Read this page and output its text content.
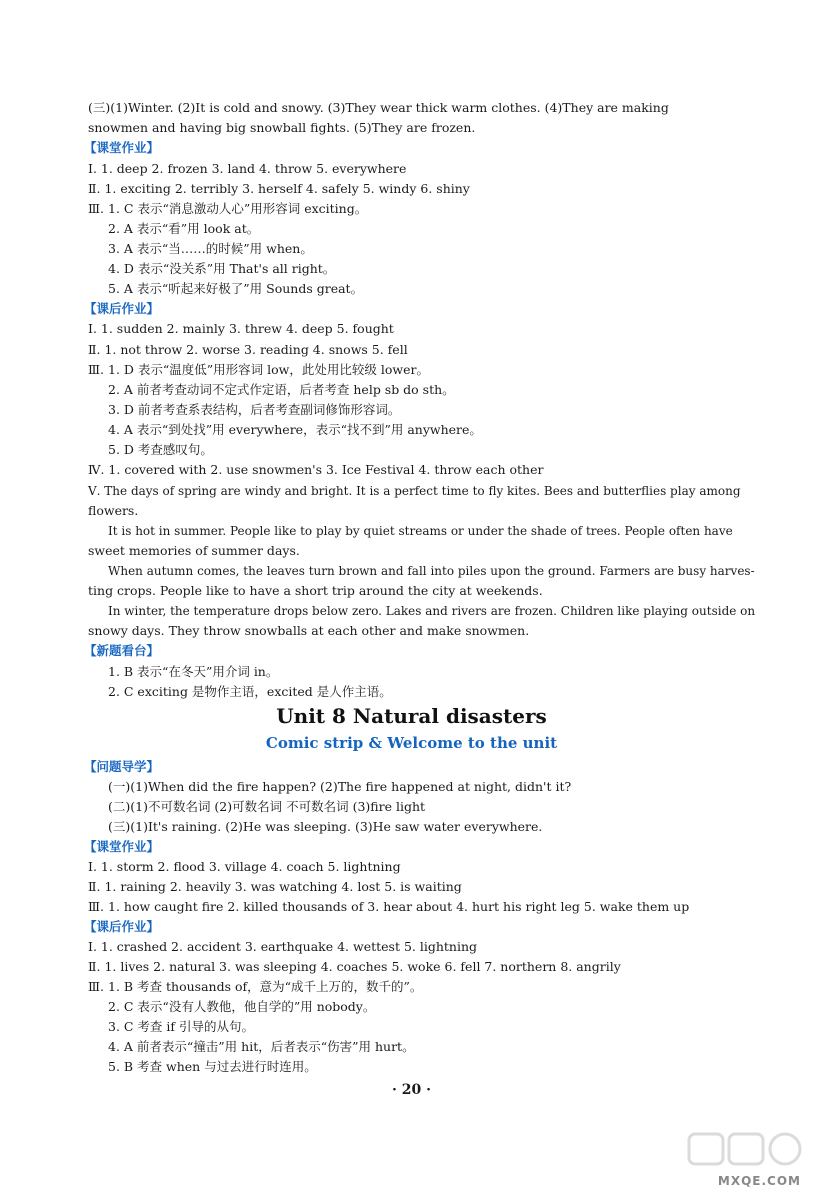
(三)(1)Winter. (2)It is cold and snowy. (3)They wear thick warm clothes. (4)They are making
snowmen and having big snowball fights. (5)They are frozen.
【课堂作业】
Ⅰ. 1. deep 2. frozen 3. land 4. throw 5. everywhere
Ⅱ. 1. exciting 2. terribly 3. herself 4. safely 5. windy 6. shiny
Ⅲ. 1. C 表示“消息激动人心”用形容词 exciting。
2. A 表示“看”用 look at。
3. A 表示“当……的时候”用 when。
4. D 表示“没关系”用 That's all right。
5. A 表示“听起来好极了”用 Sounds great。
【课后作业】
Ⅰ. 1. sudden 2. mainly 3. threw 4. deep 5. fought
Ⅱ. 1. not throw 2. worse 3. reading 4. snows 5. fell
Ⅲ. 1. D 表示“温度低”用形容词 low，此处用比较级 lower。
2. A 前者考查动词不定式作定语，后者考查 help sb do sth。
3. D 前者考查系表结构，后者考查副词修饰形容词。
4. A 表示“到处找”用 everywhere，表示“找不到”用 anywhere。
5. D 考查感叹句。
Ⅳ. 1. covered with 2. use snowmen's 3. Ice Festival 4. throw each other
Ⅴ. The days of spring are windy and bright. It is a perfect time to fly kites. Bees and butterflies play among
flowers.
It is hot in summer. People like to play by quiet streams or under the shade of trees. People often have
sweet memories of summer days.
When autumn comes, the leaves turn brown and fall into piles upon the ground. Farmers are busy harves-
ting crops. People like to have a short trip around the city at weekends.
In winter, the temperature drops below zero. Lakes and rivers are frozen. Children like playing outside on
snowy days. They throw snowballs at each other and make snowmen.
【新题看台】
1. B 表示“在冬天”用介词 in。
2. C exciting 是物作主语，excited 是人作主语。
Unit 8 Natural disasters
Comic strip & Welcome to the unit
【问题导学】
(一)(1)When did the fire happen? (2)The fire happened at night, didn't it?
(二)(1)不可数名词 (2)可数名词 不可数名词 (3)fire light
(三)(1)It's raining. (2)He was sleeping. (3)He saw water everywhere.
【课堂作业】
Ⅰ. 1. storm 2. flood 3. village 4. coach 5. lightning
Ⅱ. 1. raining 2. heavily 3. was watching 4. lost 5. is waiting
Ⅲ. 1. how caught fire 2. killed thousands of 3. hear about 4. hurt his right leg 5. wake them up
【课后作业】
Ⅰ. 1. crashed 2. accident 3. earthquake 4. wettest 5. lightning
Ⅱ. 1. lives 2. natural 3. was sleeping 4. coaches 5. woke 6. fell 7. northern 8. angrily
Ⅲ. 1. B 考查 thousands of，意为“成千上万的，数千的”。
2. C 表示“没有人教他，他自学的”用 nobody。
3. C 考查 if 引导的从句。
4. A 前者表示“撞击”用 hit，后者表示“伤害”用 hurt。
5. B 考查 when 与过去进行时连用。
· 20 ·
MXQE.COM
